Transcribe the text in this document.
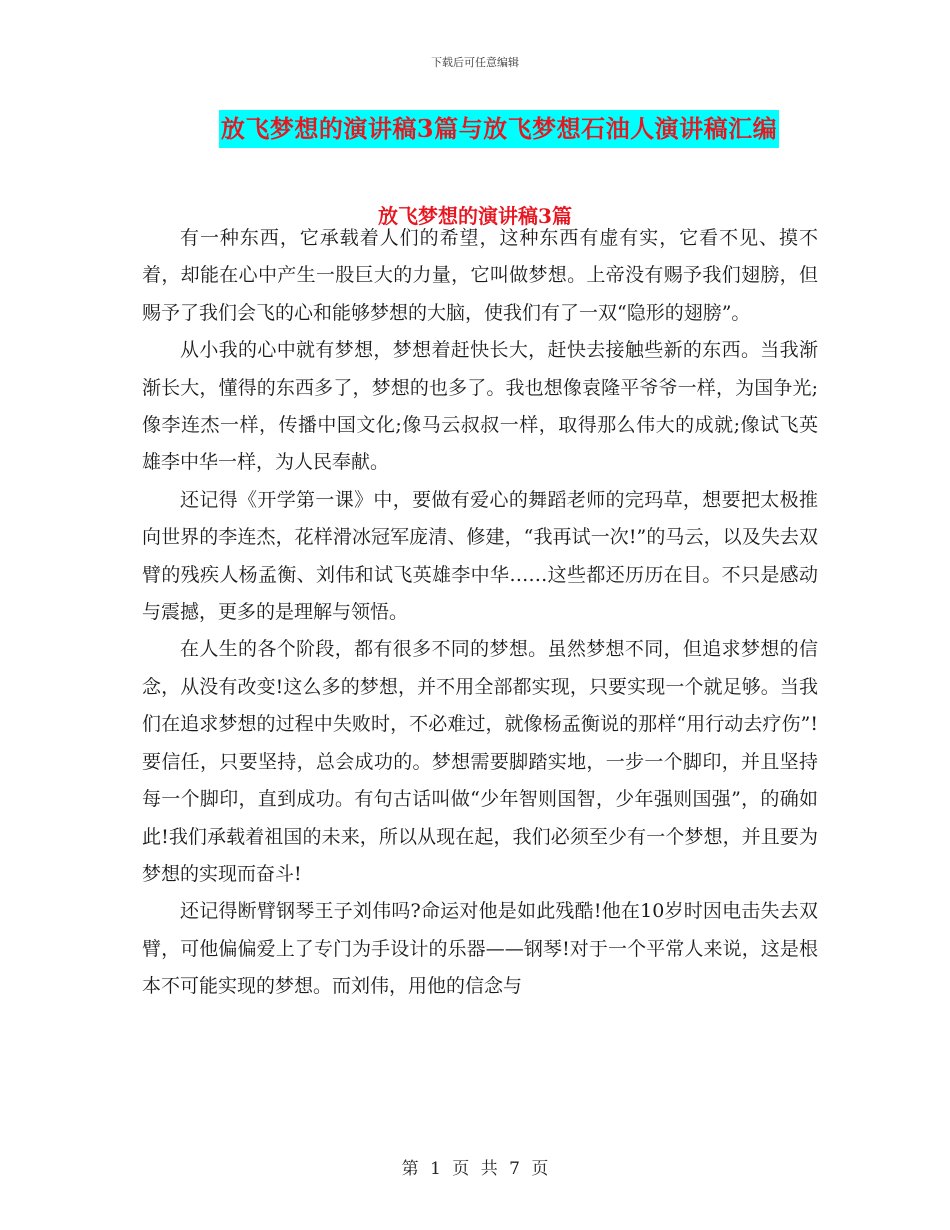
下载后可任意编辑
放飞梦想的演讲稿3篇与放飞梦想石油人演讲稿汇编
放飞梦想的演讲稿3篇

有一种东西，它承载着人们的希望，这种东西有虚有实，它看不见、摸不着，却能在心中产生一股巨大的力量，它叫做梦想。上帝没有赐予我们翅膀，但赐予了我们会飞的心和能够梦想的大脑，使我们有了一双“隐形的翅膀”。

从小我的心中就有梦想，梦想着赶快长大，赶快去接触些新的东西。当我渐渐长大，懂得的东西多了，梦想的也多了。我也想像袁隆平爷爷一样，为国争光;像李连杰一样，传播中国文化;像马云叔叔一样，取得那么伟大的成就;像试飞英雄李中华一样，为人民奉献。

还记得《开学第一课》中，要做有爱心的舞蹈老师的完玛草，想要把太极推向世界的李连杰，花样滑冰冠军庞清、修建，“我再试一次!”的马云，以及失去双臂的残疾人杨孟衡、刘伟和试飞英雄李中华……这些都还历历在目。不只是感动与震撼，更多的是理解与领悟。

在人生的各个阶段，都有很多不同的梦想。虽然梦想不同，但追求梦想的信念，从没有改变!这么多的梦想，并不用全部都实现，只要实现一个就足够。当我们在追求梦想的过程中失败时，不必难过，就像杨孟衡说的那样“用行动去疗伤”!要信任，只要坚持，总会成功的。梦想需要脚踏实地，一步一个脚印，并且坚持每一个脚印，直到成功。有句古话叫做“少年智则国智，少年强则国强”，的确如此!我们承载着祖国的未来，所以从现在起，我们必须至少有一个梦想，并且要为梦想的实现而奋斗!

还记得断臂钢琴王子刘伟吗?命运对他是如此残酷!他在10岁时因电击失去双臂，可他偏偏爱上了专门为手设计的乐器——钢琴!对于一个平常人来说，这是根本不可能实现的梦想。而刘伟，用他的信念与

第 1 页 共 7 页
